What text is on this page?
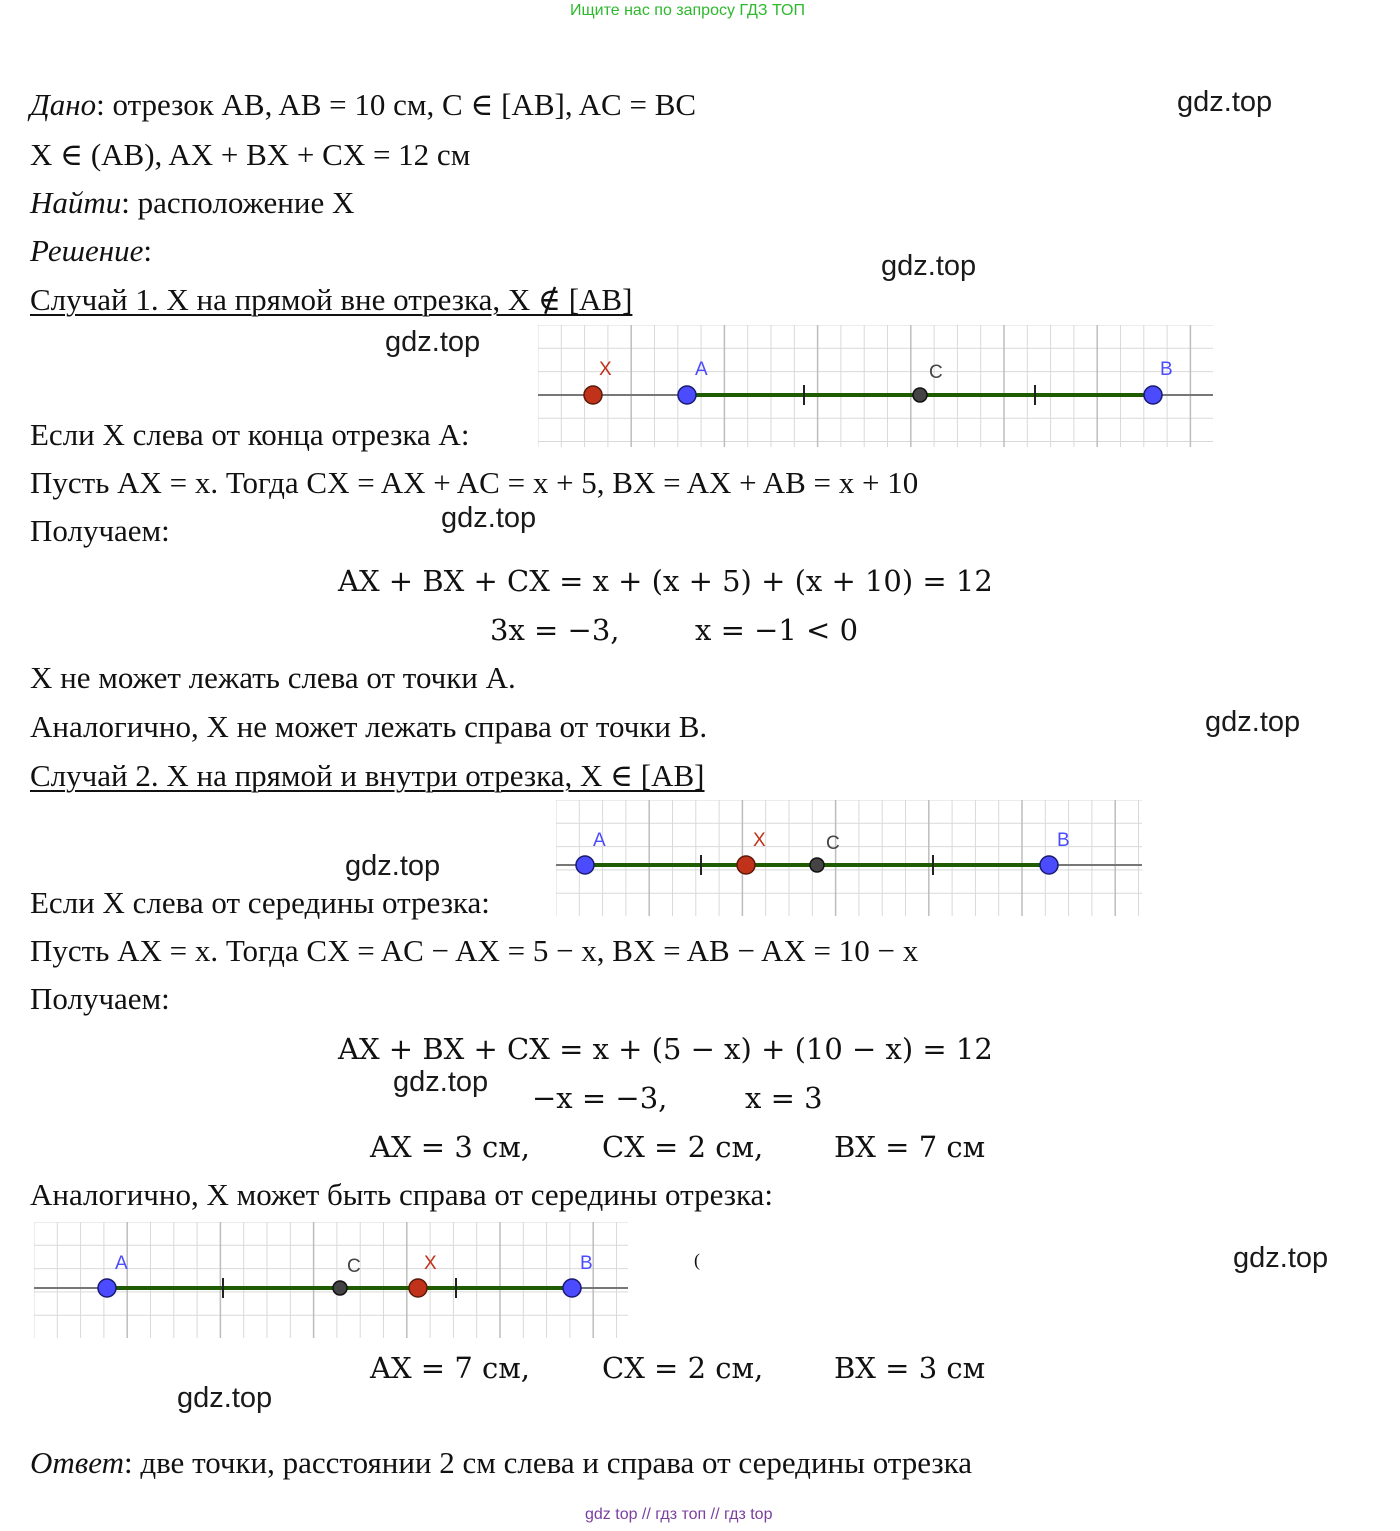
Ищите нас по запросу ГДЗ ТОП
Дано: отрезок AB, AB = 10 см, C ∈ [AB], AC = BC
X ∈ (AB), AX + BX + CX = 12 см
Найти: расположение X
Решение:
Случай 1. X на прямой вне отрезка, X ∉ [AB]
X	A	C	B
Если X слева от конца отрезка A:
Пусть AX = x. Тогда CX = AX + AC = x + 5, BX = AX + AB = x + 10
Получаем:
AX + BX + CX = x + (x + 5) + (x + 10) = 12
3x = −3,	x = −1 < 0
X не может лежать слева от точки A.
Аналогично, X не может лежать справа от точки B.
Случай 2. X на прямой и внутри отрезка, X ∈ [AB]
A	X	C	B
Если X слева от середины отрезка:
Пусть AX = x. Тогда CX = AC − AX = 5 − x, BX = AB − AX = 10 − x
Получаем:
AX + BX + CX = x + (5 − x) + (10 − x) = 12
−x = −3,	x = 3
AX = 3 см, CX = 2 см, BX = 7 см
Аналогично, X может быть справа от середины отрезка:
A	C	X	B	(
AX = 7 см, CX = 2 см, BX = 3 см
Ответ: две точки, расстоянии 2 см слева и справа от середины отрезка
gdz.top
gdz.top
gdz.top
gdz.top
gdz.top
gdz.top
gdz.top
gdz.top
gdz.top
gdz top // гдз топ // гдз top
